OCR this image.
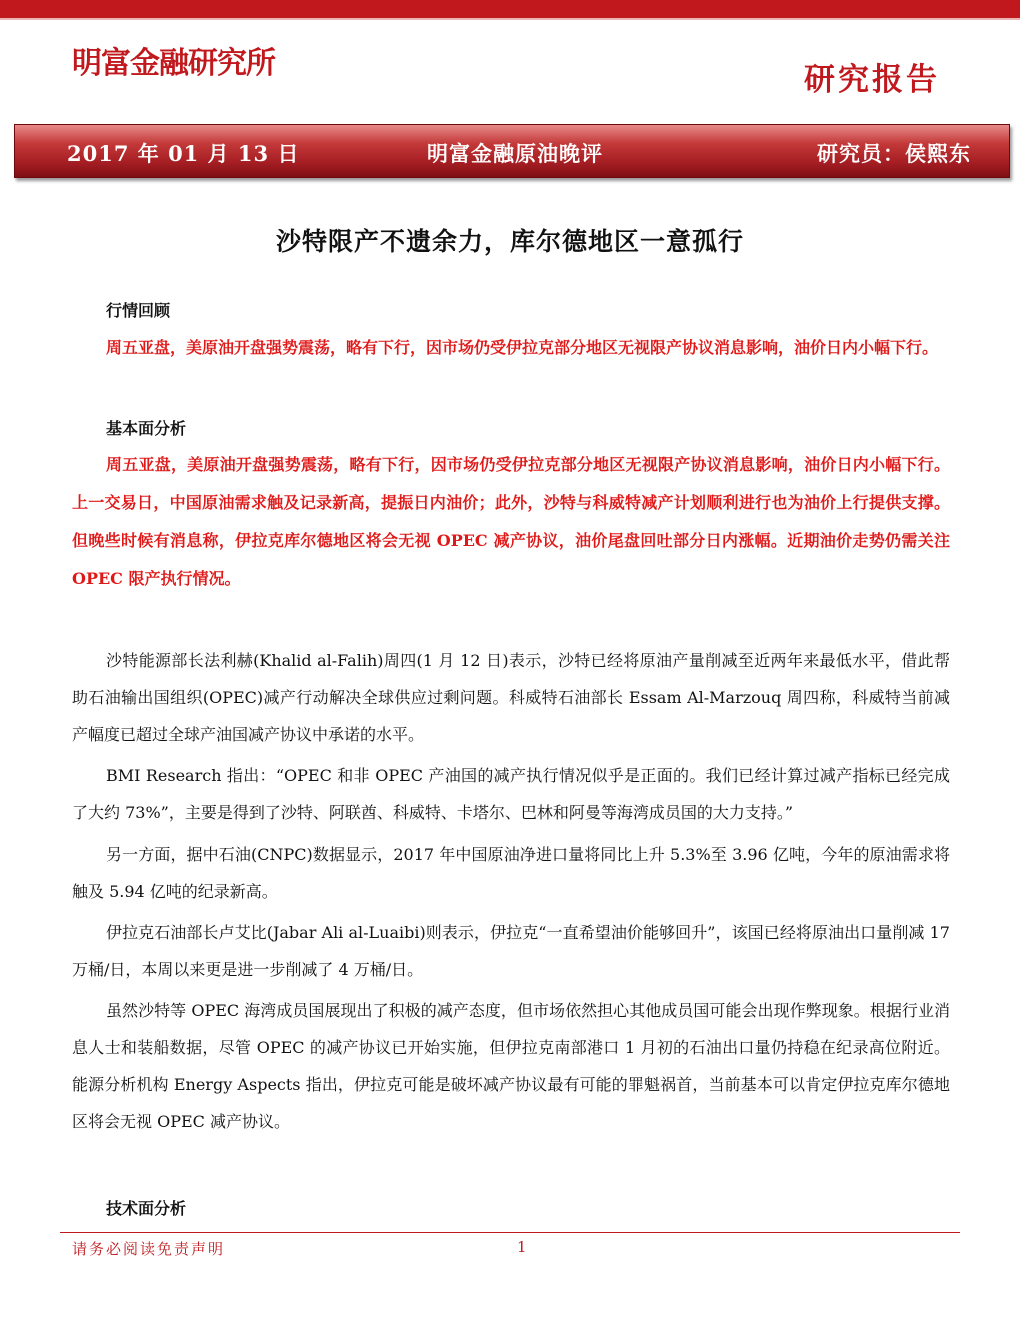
明富金融研究所	研究报告
2017 年 01 月 13 日	明富金融原油晚评	研究员：侯熙东
沙特限产不遗余力，库尔德地区一意孤行
行情回顾
周五亚盘，美原油开盘强势震荡，略有下行，因市场仍受伊拉克部分地区无视限产协议消息影响，油价日内小幅下行。
基本面分析
周五亚盘，美原油开盘强势震荡，略有下行，因市场仍受伊拉克部分地区无视限产协议消息影响，油价日内小幅下行。上一交易日，中国原油需求触及记录新高，提振日内油价；此外，沙特与科威特减产计划顺利进行也为油价上行提供支撑。但晚些时候有消息称，伊拉克库尔德地区将会无视 OPEC 减产协议，油价尾盘回吐部分日内涨幅。近期油价走势仍需关注 OPEC 限产执行情况。
沙特能源部长法利赫(Khalid al-Falih)周四(1 月 12 日)表示，沙特已经将原油产量削减至近两年来最低水平，借此帮助石油输出国组织(OPEC)减产行动解决全球供应过剩问题。科威特石油部长 Essam Al-Marzouq 周四称，科威特当前减产幅度已超过全球产油国减产协议中承诺的水平。
BMI Research 指出：“OPEC 和非 OPEC 产油国的减产执行情况似乎是正面的。我们已经计算过减产指标已经完成了大约 73%”，主要是得到了沙特、阿联酋、科威特、卡塔尔、巴林和阿曼等海湾成员国的大力支持。”
另一方面，据中石油(CNPC)数据显示，2017 年中国原油净进口量将同比上升 5.3%至 3.96 亿吨，今年的原油需求将触及 5.94 亿吨的纪录新高。
伊拉克石油部长卢艾比(Jabar Ali al-Luaibi)则表示，伊拉克“一直希望油价能够回升”，该国已经将原油出口量削减 17 万桶/日，本周以来更是进一步削减了 4 万桶/日。
虽然沙特等 OPEC 海湾成员国展现出了积极的减产态度，但市场依然担心其他成员国可能会出现作弊现象。根据行业消息人士和装船数据，尽管 OPEC 的减产协议已开始实施，但伊拉克南部港口 1 月初的石油出口量仍持稳在纪录高位附近。能源分析机构 Energy Aspects 指出，伊拉克可能是破坏减产协议最有可能的罪魁祸首，当前基本可以肯定伊拉克库尔德地区将会无视 OPEC 减产协议。
技术面分析
请务必阅读免责声明	1
